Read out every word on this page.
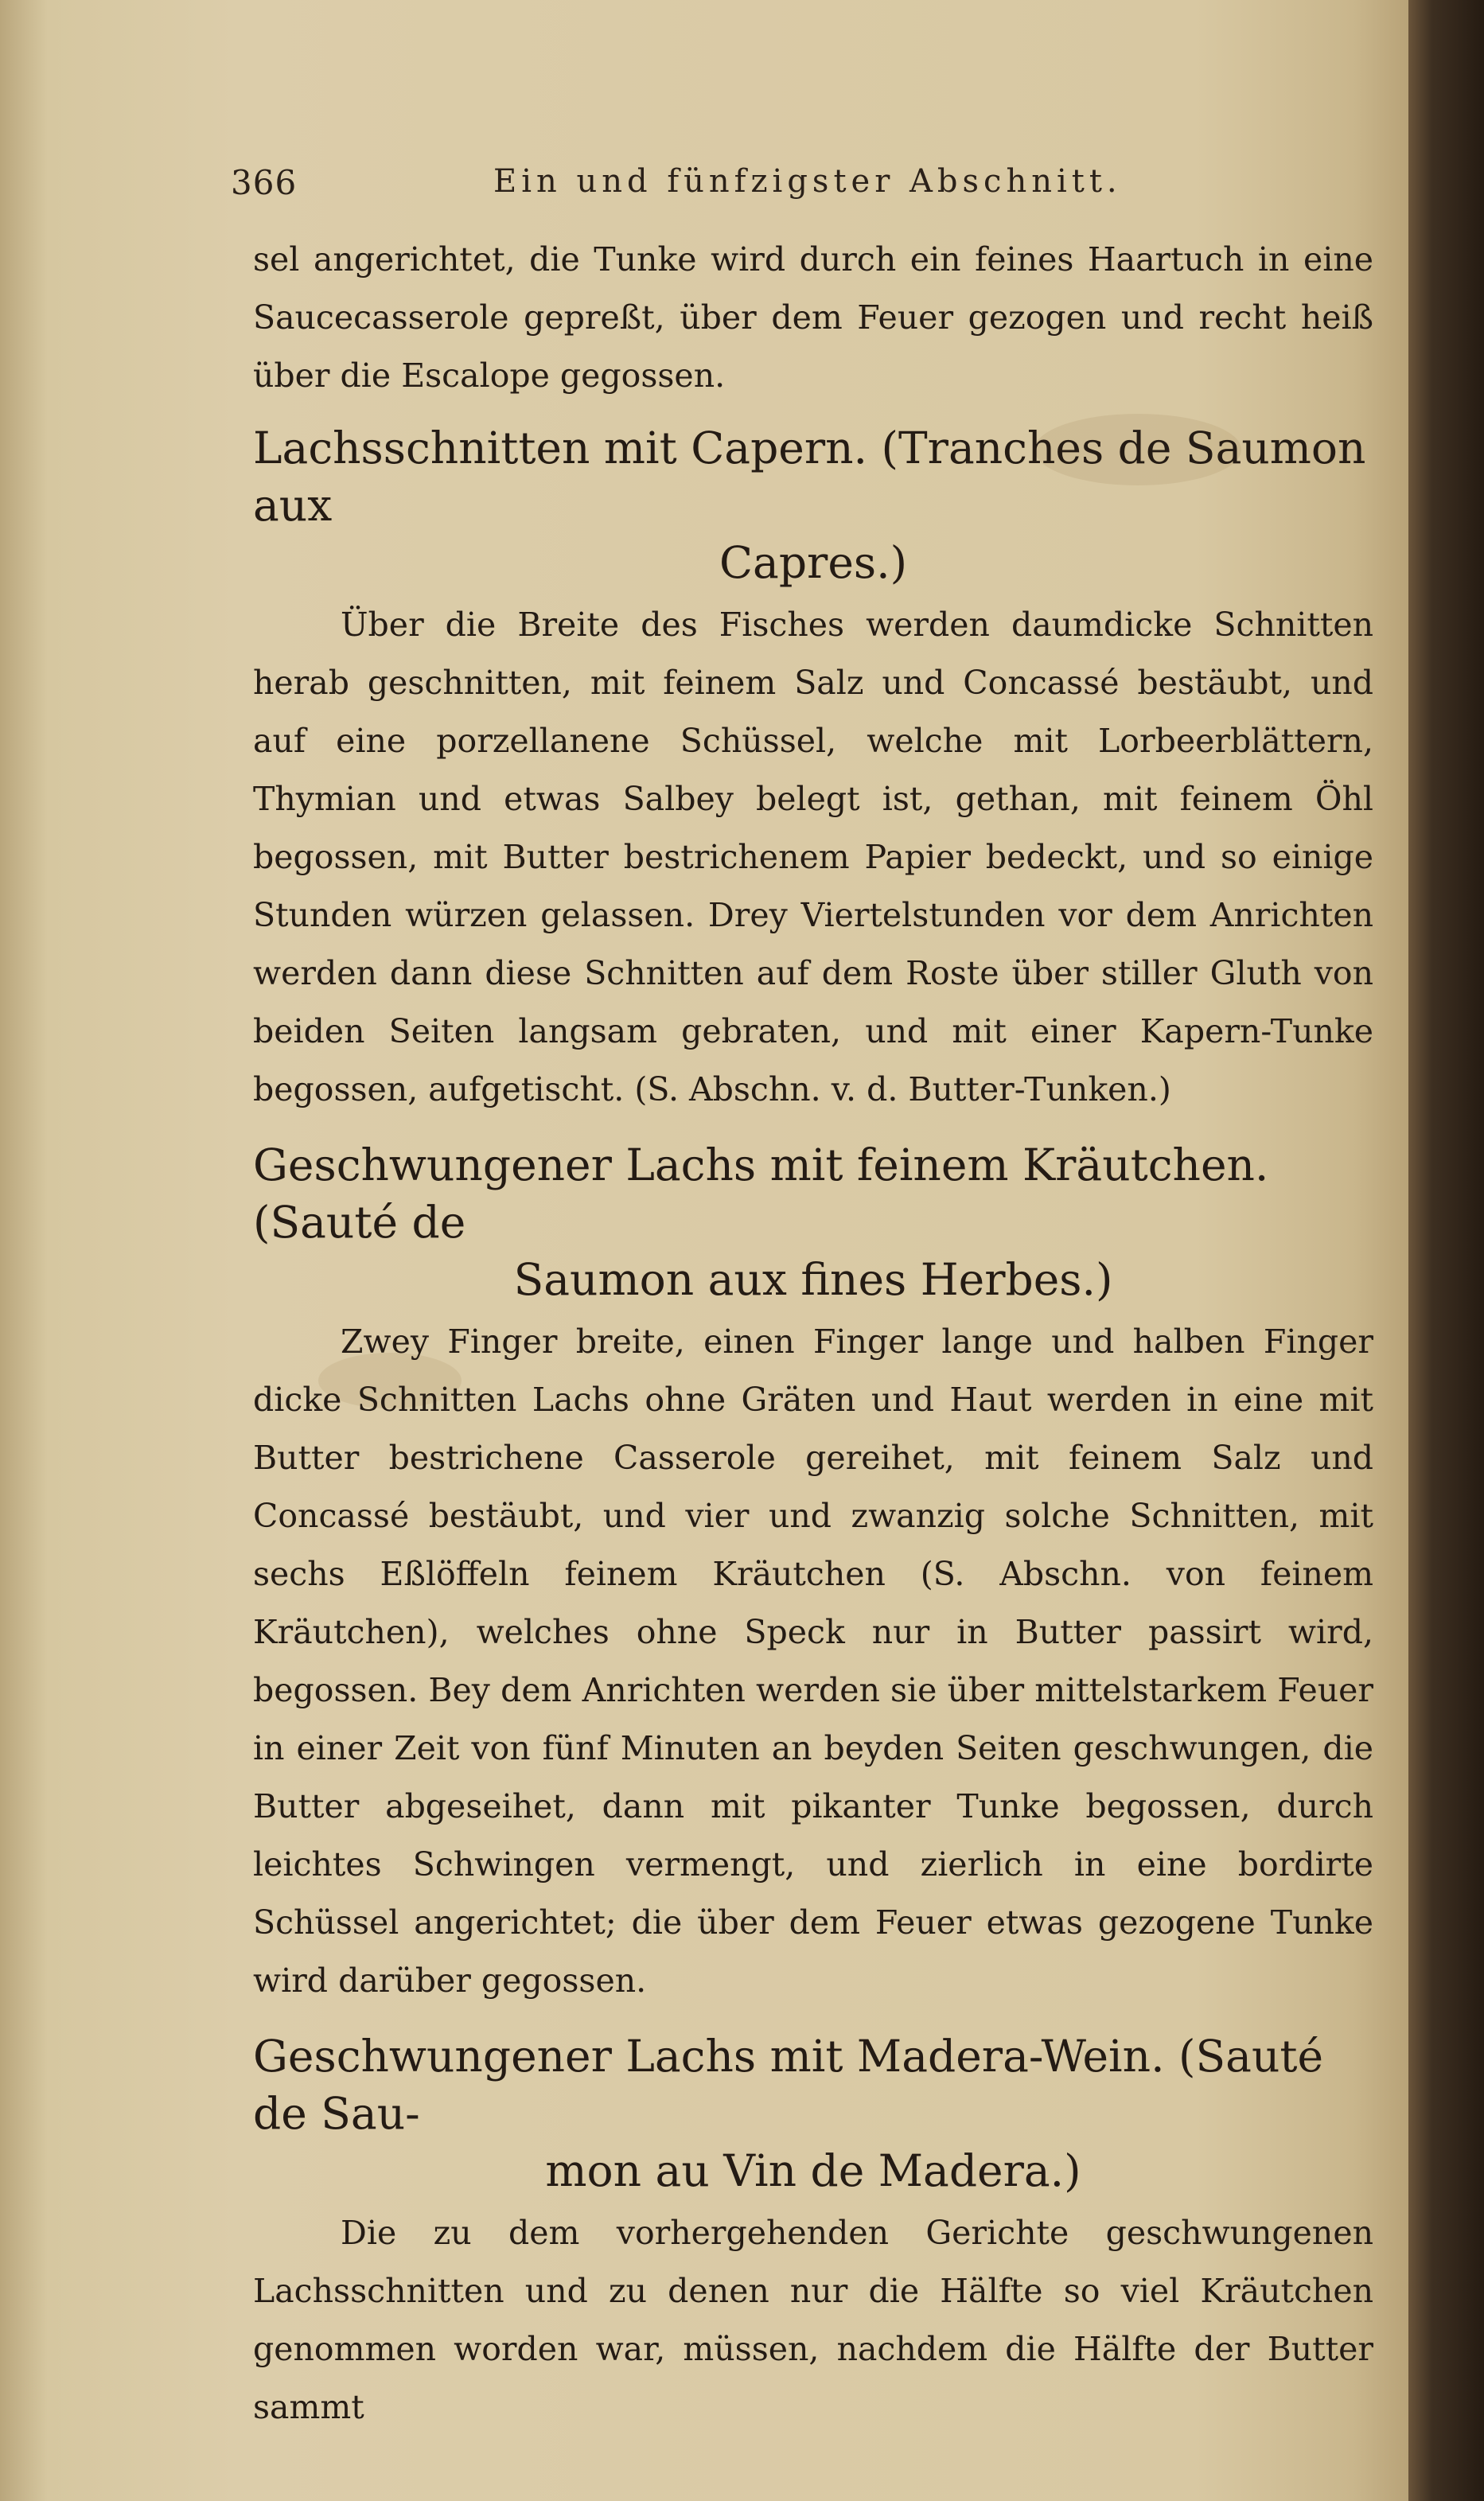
366	Ein und fünfzigster Abschnitt.

sel angerichtet, die Tunke wird durch ein feines Haartuch in eine Saucecasserole gepreßt, über dem Feuer gezogen und recht heiß über die Escalope gegossen.

Lachsschnitten mit Capern. (Tranches de Saumon aux
Capres.)

Über die Breite des Fisches werden daumdicke Schnitten herab geschnitten, mit feinem Salz und Concassé bestäubt, und auf eine porzellanene Schüssel, welche mit Lorbeerblättern, Thymian und etwas Salbey belegt ist, gethan, mit feinem Öhl begossen, mit Butter bestrichenem Papier bedeckt, und so einige Stunden würzen gelassen. Drey Viertelstunden vor dem Anrichten werden dann diese Schnitten auf dem Roste über stiller Gluth von beiden Seiten langsam gebraten, und mit einer Kapern-Tunke begossen, aufgetischt. (S. Abschn. v. d. Butter-Tunken.)

Geschwungener Lachs mit feinem Kräutchen. (Sauté de
Saumon aux fines Herbes.)

Zwey Finger breite, einen Finger lange und halben Finger dicke Schnitten Lachs ohne Gräten und Haut werden in eine mit Butter bestrichene Casserole gereihet, mit feinem Salz und Concassé bestäubt, und vier und zwanzig solche Schnitten, mit sechs Eßlöffeln feinem Kräutchen (S. Abschn. von feinem Kräutchen), welches ohne Speck nur in Butter passirt wird, begossen. Bey dem Anrichten werden sie über mittelstarkem Feuer in einer Zeit von fünf Minuten an beyden Seiten geschwungen, die Butter abgeseihet, dann mit pikanter Tunke begossen, durch leichtes Schwingen vermengt, und zierlich in eine bordirte Schüssel angerichtet; die über dem Feuer etwas gezogene Tunke wird darüber gegossen.

Geschwungener Lachs mit Madera-Wein. (Sauté de Sau-
mon au Vin de Madera.)

Die zu dem vorhergehenden Gerichte geschwungenen Lachsschnitten und zu denen nur die Hälfte so viel Kräutchen genommen worden war, müssen, nachdem die Hälfte der Butter sammt
